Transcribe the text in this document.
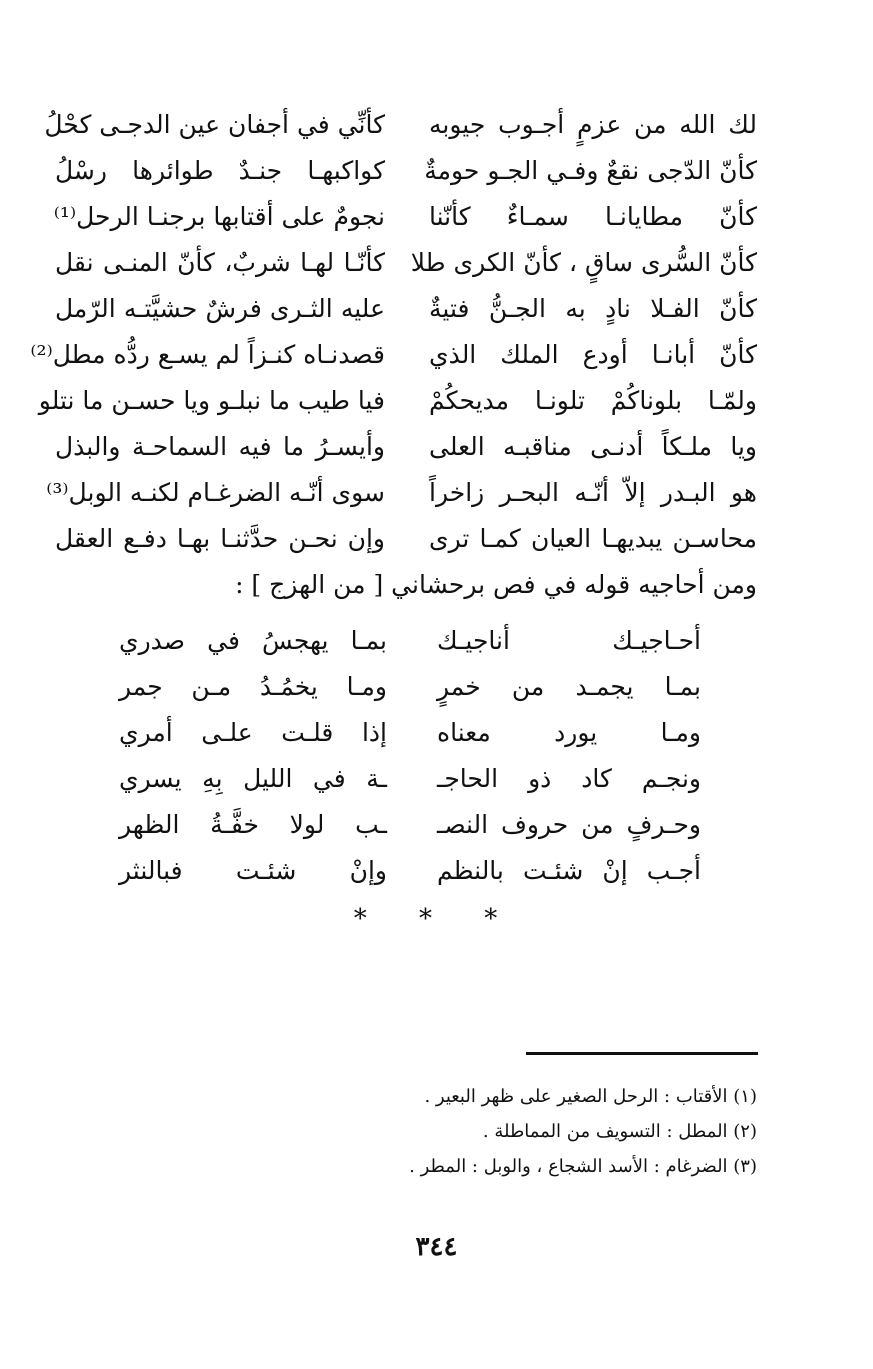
لك الله من عزمٍ أجـوب جيوبه
كأنِّي في أجفان عين الدجـى كحْلُ
كأنّ الدّجى نقعٌ وفـي الجـو حومةٌ
كواكبهـا جنـدٌ طوائرها رسْلُ
كأنّ مطايانـا سمـاءٌ كأنّنا
نجومٌ على أقتابها برجنـا الرحل⁽¹⁾
كأنّ السُّرى ساقٍ ، كأنّ الكرى طلا
كأنّـا لهـا شربٌ، كأنّ المنـى نقل
كأنّ الفـلا نادٍ به الجـنُّ فتيةٌ
عليه الثـرى فرشٌ حشيَّتـه الرّمل
كأنّ أبانـا أودع الملك الذي
قصدنـاه كنـزاً لم يسـع ردُّه مطل⁽²⁾
ولمّـا بلوناكُمْ تلونـا مديحكُمْ
فيا طيب ما نبلـو ويا حسـن ما نتلو
ويا ملـكاً أدنـى مناقبـه العلى
وأيسـرُ ما فيه السماحـة والبذل
هو البـدر إلاّ أنّـه البحـر زاخراً
سوى أنّـه الضرغـام لكنـه الوبل⁽³⁾
محاسـن يبديهـا العيان كمـا ترى
وإن نحـن حدَّثنـا بهـا دفـع العقل
ومن أحاجيه قوله في فص برحشاني [ من الهزج ] :
أحـاجيـك أناجيـك
بمـا يهجسُ في صدري
بمـا يجمـد من خمرٍ
ومـا يخمُـدُ مـن جمر
ومـا يورد معناه
إذا قلـت علـى أمري
ونجـم كاد ذو الحاجـ
ـة في الليل بِهِ يسري
وحـرفٍ من حروف النصـ
ـب لولا خفَّـةُ الظهر
أجـب إنْ شئـت بالنظم
وإنْ شئـت فبالنثر
* * *
(١) الأقتاب : الرحل الصغير على ظهر البعير .
(٢) المطل : التسويف من المماطلة .
(٣) الضرغام : الأسد الشجاع ، والوبل : المطر .
٣٤٤
